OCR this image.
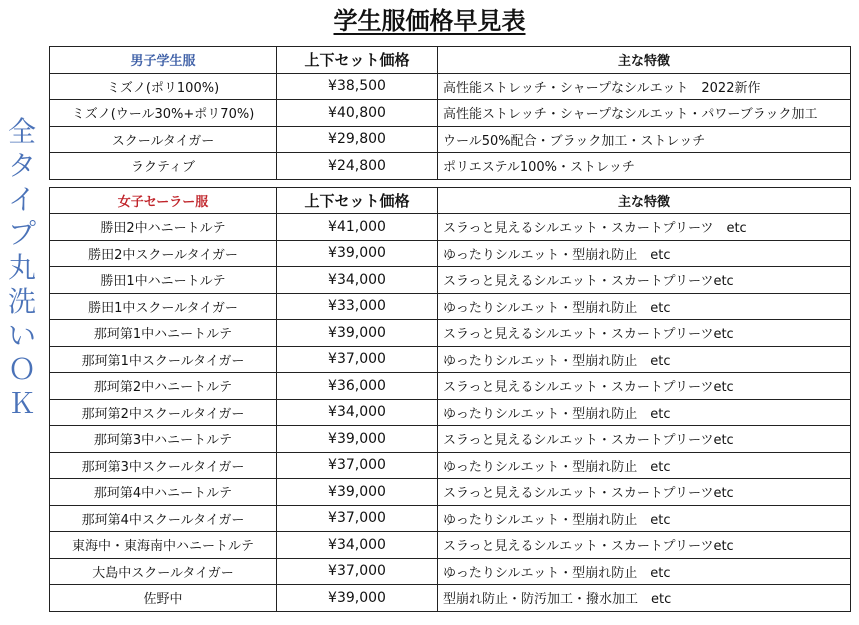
学生服価格早見表
全
タ
イ
プ
丸
洗
い
Ｏ
Ｋ
男子学生服	上下セット価格	主な特徴
ミズノ(ポリ100%)	¥38,500	高性能ストレッチ・シャープなシルエット　2022新作
ミズノ(ウール30%+ポリ70%)	¥40,800	高性能ストレッチ・シャープなシルエット・パワーブラック加工
スクールタイガー	¥29,800	ウール50%配合・ブラック加工・ストレッチ
ラクティブ	¥24,800	ポリエステル100%・ストレッチ
女子セーラー服	上下セット価格	主な特徴
勝田2中ハニートルテ	¥41,000	スラっと見えるシルエット・スカートプリーツ　etc
勝田2中スクールタイガー	¥39,000	ゆったりシルエット・型崩れ防止　etc
勝田1中ハニートルテ	¥34,000	スラっと見えるシルエット・スカートプリーツetc
勝田1中スクールタイガー	¥33,000	ゆったりシルエット・型崩れ防止　etc
那珂第1中ハニートルテ	¥39,000	スラっと見えるシルエット・スカートプリーツetc
那珂第1中スクールタイガー	¥37,000	ゆったりシルエット・型崩れ防止　etc
那珂第2中ハニートルテ	¥36,000	スラっと見えるシルエット・スカートプリーツetc
那珂第2中スクールタイガー	¥34,000	ゆったりシルエット・型崩れ防止　etc
那珂第3中ハニートルテ	¥39,000	スラっと見えるシルエット・スカートプリーツetc
那珂第3中スクールタイガー	¥37,000	ゆったりシルエット・型崩れ防止　etc
那珂第4中ハニートルテ	¥39,000	スラっと見えるシルエット・スカートプリーツetc
那珂第4中スクールタイガー	¥37,000	ゆったりシルエット・型崩れ防止　etc
東海中・東海南中ハニートルテ	¥34,000	スラっと見えるシルエット・スカートプリーツetc
大島中スクールタイガー	¥37,000	ゆったりシルエット・型崩れ防止　etc
佐野中	¥39,000	型崩れ防止・防汚加工・撥水加工　etc
